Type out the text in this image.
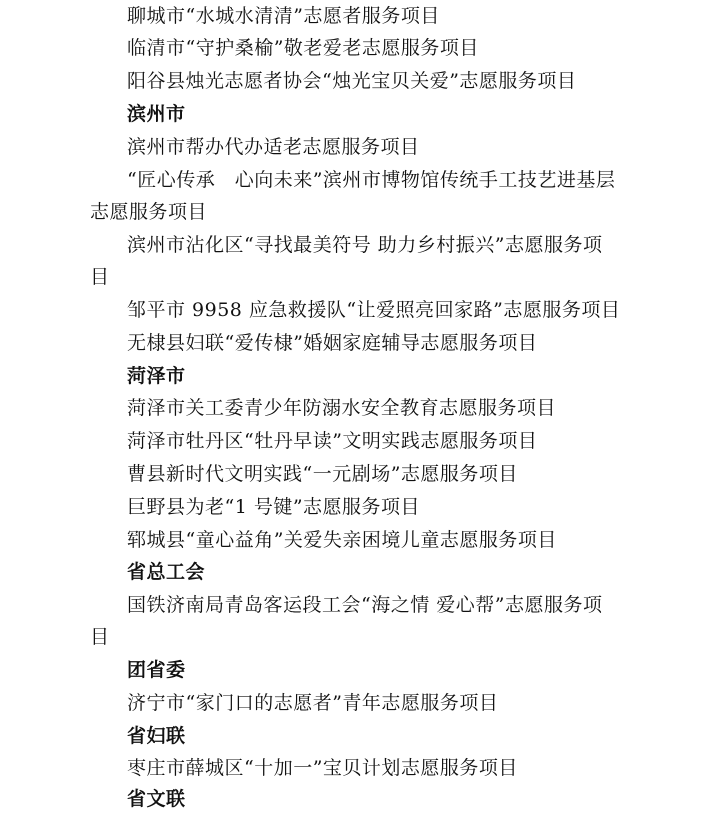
聊城市“水城水清清”志愿者服务项目
临清市“守护桑榆”敬老爱老志愿服务项目
阳谷县烛光志愿者协会“烛光宝贝关爱”志愿服务项目
滨州市
滨州市帮办代办适老志愿服务项目
“匠心传承　心向未来”滨州市博物馆传统手工技艺进基层
志愿服务项目
滨州市沾化区“寻找最美符号 助力乡村振兴”志愿服务项
目
邹平市 9958 应急救援队“让爱照亮回家路”志愿服务项目
无棣县妇联“爱传棣”婚姻家庭辅导志愿服务项目
菏泽市
菏泽市关工委青少年防溺水安全教育志愿服务项目
菏泽市牡丹区“牡丹早读”文明实践志愿服务项目
曹县新时代文明实践“一元剧场”志愿服务项目
巨野县为老“1 号键”志愿服务项目
郓城县“童心益角”关爱失亲困境儿童志愿服务项目
省总工会
国铁济南局青岛客运段工会“海之情 爱心帮”志愿服务项
目
团省委
济宁市“家门口的志愿者”青年志愿服务项目
省妇联
枣庄市薛城区“十加一”宝贝计划志愿服务项目
省文联
